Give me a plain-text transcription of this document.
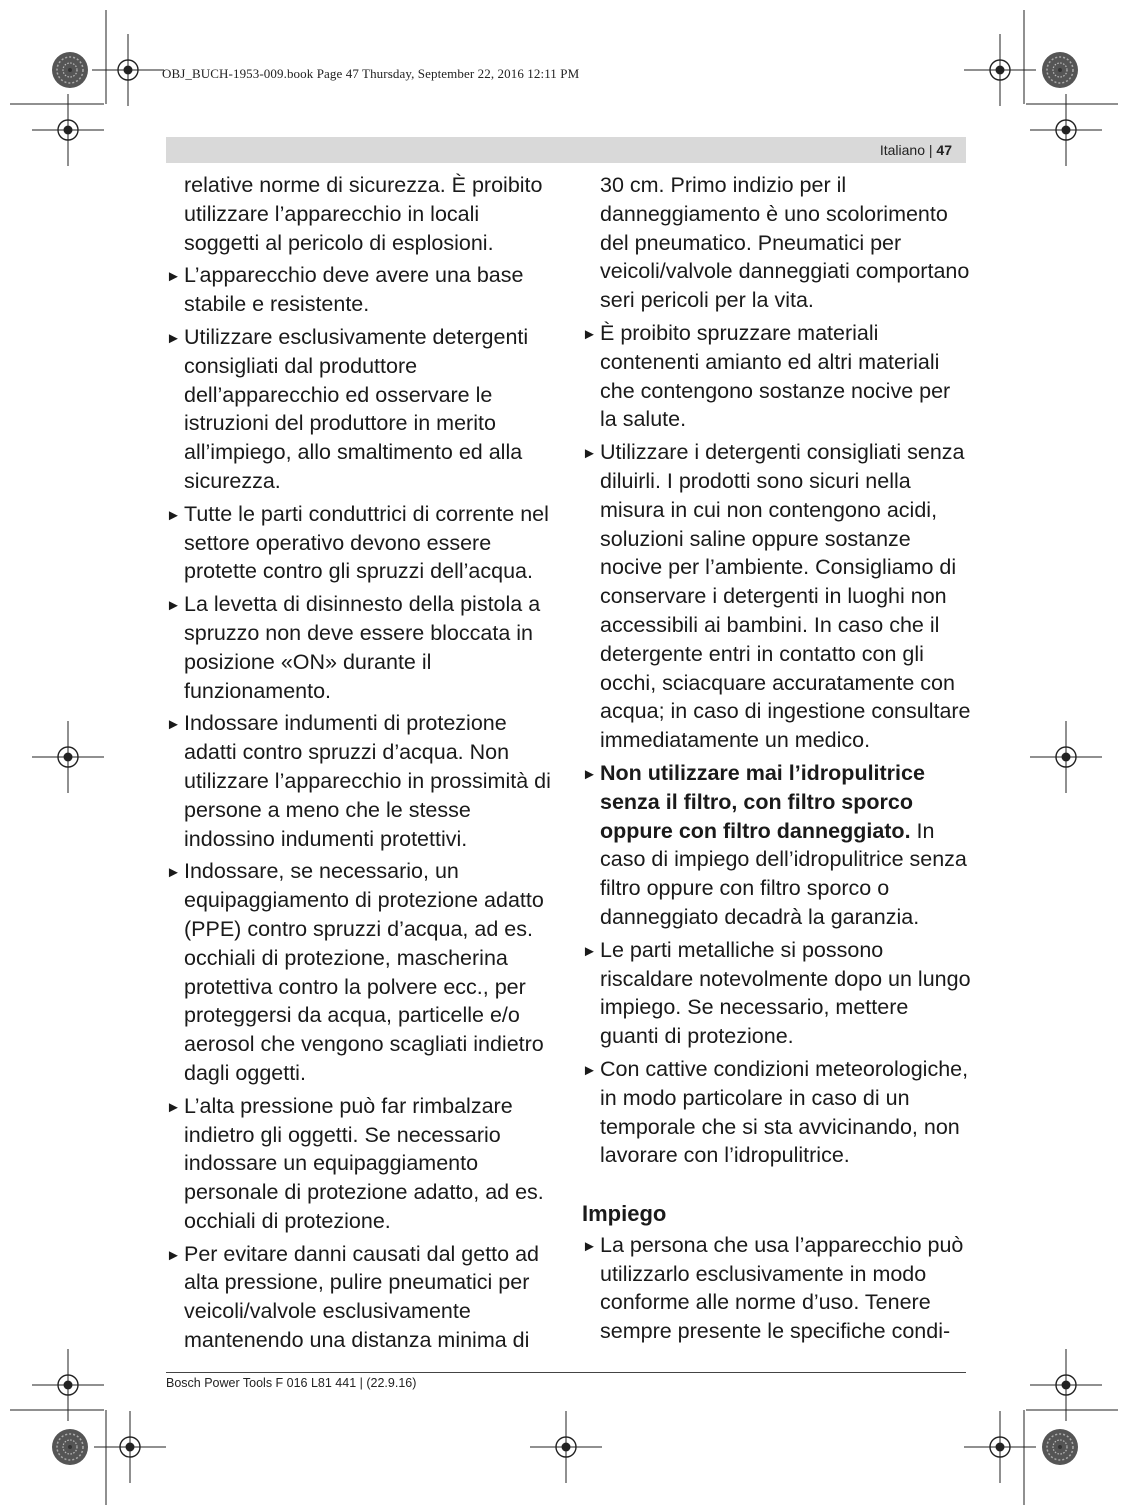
OBJ_BUCH-1953-009.book Page 47 Thursday, September 22, 2016 12:11 PM
Italiano | 47

relative norme di sicurezza. È proibito utilizzare l’apparecchio in locali soggetti al pericolo di esplosioni.

► L’apparecchio deve avere una base stabile e resistente.

► Utilizzare esclusivamente detergenti consigliati dal produttore dell’apparecchio ed osservare le istruzioni del produttore in merito all’impiego, allo smaltimento ed alla sicurezza.

► Tutte le parti conduttrici di corrente nel settore operativo devono essere protette contro gli spruzzi dell’acqua.

► La levetta di disinnesto della pistola a spruzzo non deve essere bloccata in posizione «ON» durante il funzionamento.

► Indossare indumenti di protezione adatti contro spruzzi d’acqua. Non utilizzare l’apparecchio in prossimità di persone a meno che le stesse indossino indumenti protettivi.

► Indossare, se necessario, un equipaggiamento di protezione adatto (PPE) contro spruzzi d’acqua, ad es. occhiali di protezione, mascherina protettiva contro la polvere ecc., per proteggersi da acqua, particelle e/o aerosol che vengono scagliati indietro dagli oggetti.

► L’alta pressione può far rimbalzare indietro gli oggetti. Se necessario indossare un equipaggiamento personale di protezione adatto, ad es. occhiali di protezione.

► Per evitare danni causati dal getto ad alta pressione, pulire pneumatici per veicoli/valvole esclusivamente mantenendo una distanza minima di

30 cm. Primo indizio per il danneggiamento è uno scolorimento del pneumatico. Pneumatici per veicoli/valvole danneggiati comportano seri pericoli per la vita.

► È proibito spruzzare materiali contenenti amianto ed altri materiali che contengono sostanze nocive per la salute.

► Utilizzare i detergenti consigliati senza diluirli. I prodotti sono sicuri nella misura in cui non contengono acidi, soluzioni saline oppure sostanze nocive per l’ambiente. Consigliamo di conservare i detergenti in luoghi non accessibili ai bambini. In caso che il detergente entri in contatto con gli occhi, sciacquare accuratamente con acqua; in caso di ingestione consultare immediatamente un medico.

► Non utilizzare mai l’idropulitrice senza il filtro, con filtro sporco oppure con filtro danneggiato. In caso di impiego dell’idropulitrice senza filtro oppure con filtro sporco o danneggiato decadrà la garanzia.

► Le parti metalliche si possono riscaldare notevolmente dopo un lungo impiego. Se necessario, mettere guanti di protezione.

► Con cattive condizioni meteorologiche, in modo particolare in caso di un temporale che si sta avvicinando, non lavorare con l’idropulitrice.

Impiego

► La persona che usa l’apparecchio può utilizzarlo esclusivamente in modo conforme alle norme d’uso. Tenere sempre presente le specifiche condi-

Bosch Power Tools F 016 L81 441 | (22.9.16)
